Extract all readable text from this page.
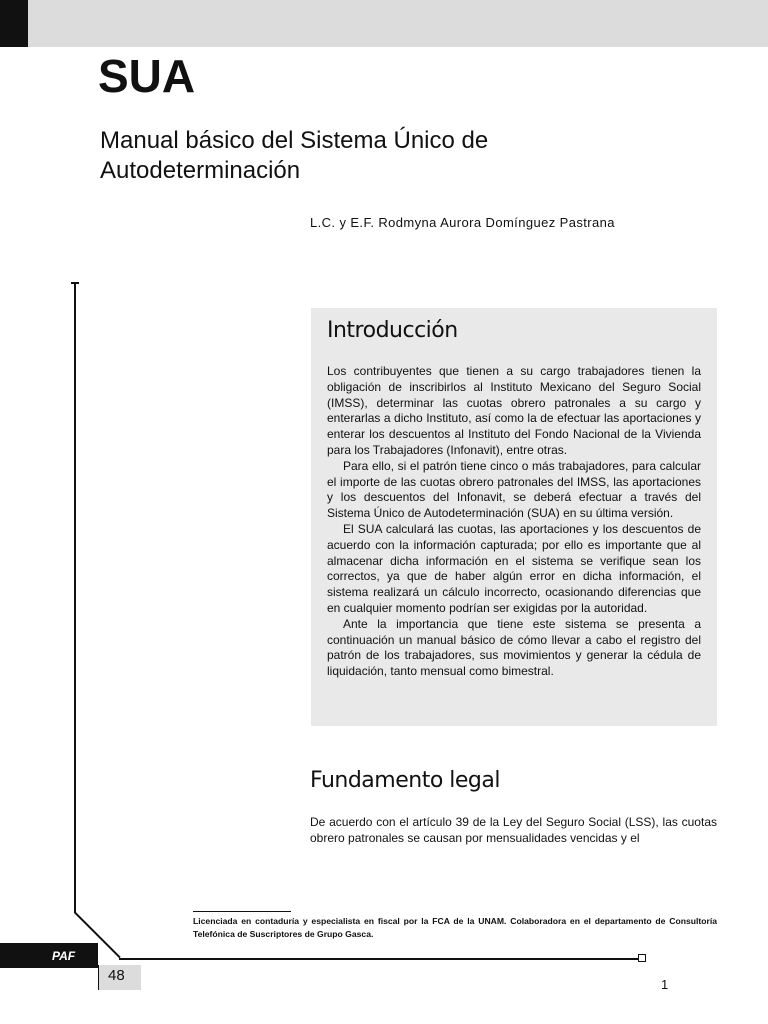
SUA
Manual básico del Sistema Único de Autodeterminación
L.C. y E.F. Rodmyna Aurora Domínguez Pastrana
Introducción

Los contribuyentes que tienen a su cargo trabajadores tienen la obligación de inscribirlos al Instituto Mexicano del Seguro Social (IMSS), determinar las cuotas obrero patronales a su cargo y enterarlas a dicho Instituto, así como la de efectuar las aportaciones y enterar los descuentos al Instituto del Fondo Nacional de la Vivienda para los Trabajadores (Infonavit), entre otras.

Para ello, si el patrón tiene cinco o más trabajadores, para calcular el importe de las cuotas obrero patronales del IMSS, las aportaciones y los descuentos del Infonavit, se deberá efectuar a través del Sistema Único de Autodeterminación (SUA) en su última versión.

El SUA calculará las cuotas, las aportaciones y los descuentos de acuerdo con la información capturada; por ello es importante que al almacenar dicha información en el sistema se verifique sean los correctos, ya que de haber algún error en dicha información, el sistema realizará un cálculo incorrecto, ocasionando diferencias que en cualquier momento podrían ser exigidas por la autoridad.

Ante la importancia que tiene este sistema se presenta a continuación un manual básico de cómo llevar a cabo el registro del patrón de los trabajadores, sus movimientos y generar la cédula de liquidación, tanto mensual como bimestral.

Fundamento legal
De acuerdo con el artículo 39 de la Ley del Seguro Social (LSS), las cuotas obrero patronales se causan por mensualidades vencidas y el
Licenciada en contaduría y especialista en fiscal por la FCA de la UNAM. Colaboradora en el departamento de Consultoría Telefónica de Suscriptores de Grupo Gasca.
PAF
48
1
